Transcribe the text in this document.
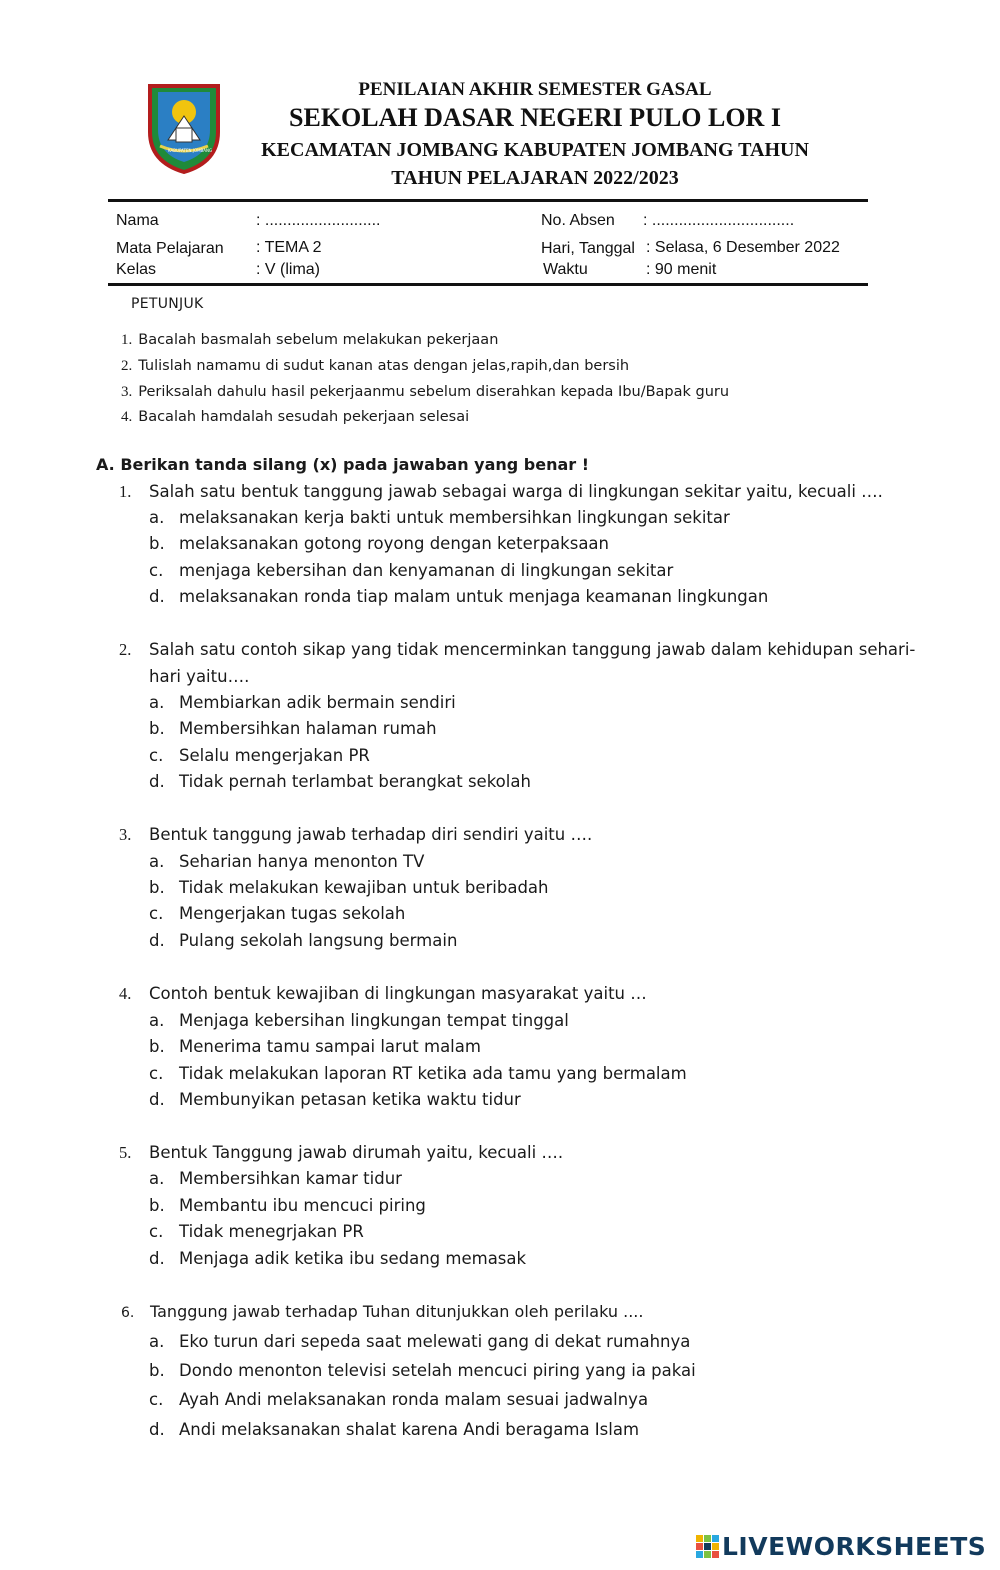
KABUPATEN JOMBANG
PENILAIAN AKHIR SEMESTER GASAL
SEKOLAH DASAR NEGERI PULO LOR I
KECAMATAN JOMBANG KABUPATEN JOMBANG TAHUN
TAHUN PELAJARAN 2022/2023
Nama	: ..........................	No. Absen : ................................
Mata Pelajaran : TEMA 2	Hari, Tanggal : Selasa, 6 Desember 2022
Kelas	: V (lima)	Waktu	: 90 menit
PETUNJUK
1. Bacalah basmalah sebelum melakukan pekerjaan
2. Tulislah namamu di sudut kanan atas dengan jelas,rapih,dan bersih
3. Periksalah dahulu hasil pekerjaanmu sebelum diserahkan kepada Ibu/Bapak guru
4. Bacalah hamdalah sesudah pekerjaan selesai
A. Berikan tanda silang (x) pada jawaban yang benar !
1. Salah satu bentuk tanggung jawab sebagai warga di lingkungan sekitar yaitu, kecuali ….
a. melaksanakan kerja bakti untuk membersihkan lingkungan sekitar
b. melaksanakan gotong royong dengan keterpaksaan
c. menjaga kebersihan dan kenyamanan di lingkungan sekitar
d. melaksanakan ronda tiap malam untuk menjaga keamanan lingkungan
2. Salah satu contoh sikap yang tidak mencerminkan tanggung jawab dalam kehidupan sehari-
hari yaitu….
a. Membiarkan adik bermain sendiri
b. Membersihkan halaman rumah
c. Selalu mengerjakan PR
d. Tidak pernah terlambat berangkat sekolah
3. Bentuk tanggung jawab terhadap diri sendiri yaitu ….
a. Seharian hanya menonton TV
b. Tidak melakukan kewajiban untuk beribadah
c. Mengerjakan tugas sekolah
d. Pulang sekolah langsung bermain
4. Contoh bentuk kewajiban di lingkungan masyarakat yaitu …
a. Menjaga kebersihan lingkungan tempat tinggal
b. Menerima tamu sampai larut malam
c. Tidak melakukan laporan RT ketika ada tamu yang bermalam
d. Membunyikan petasan ketika waktu tidur
5. Bentuk Tanggung jawab dirumah yaitu, kecuali ….
a. Membersihkan kamar tidur
b. Membantu ibu mencuci piring
c. Tidak menegrjakan PR
d. Menjaga adik ketika ibu sedang memasak
6. Tanggung jawab terhadap Tuhan ditunjukkan oleh perilaku ....
a. Eko turun dari sepeda saat melewati gang di dekat rumahnya
b. Dondo menonton televisi setelah mencuci piring yang ia pakai
c. Ayah Andi melaksanakan ronda malam sesuai jadwalnya
d. Andi melaksanakan shalat karena Andi beragama Islam
LIVEWORKSHEETS
